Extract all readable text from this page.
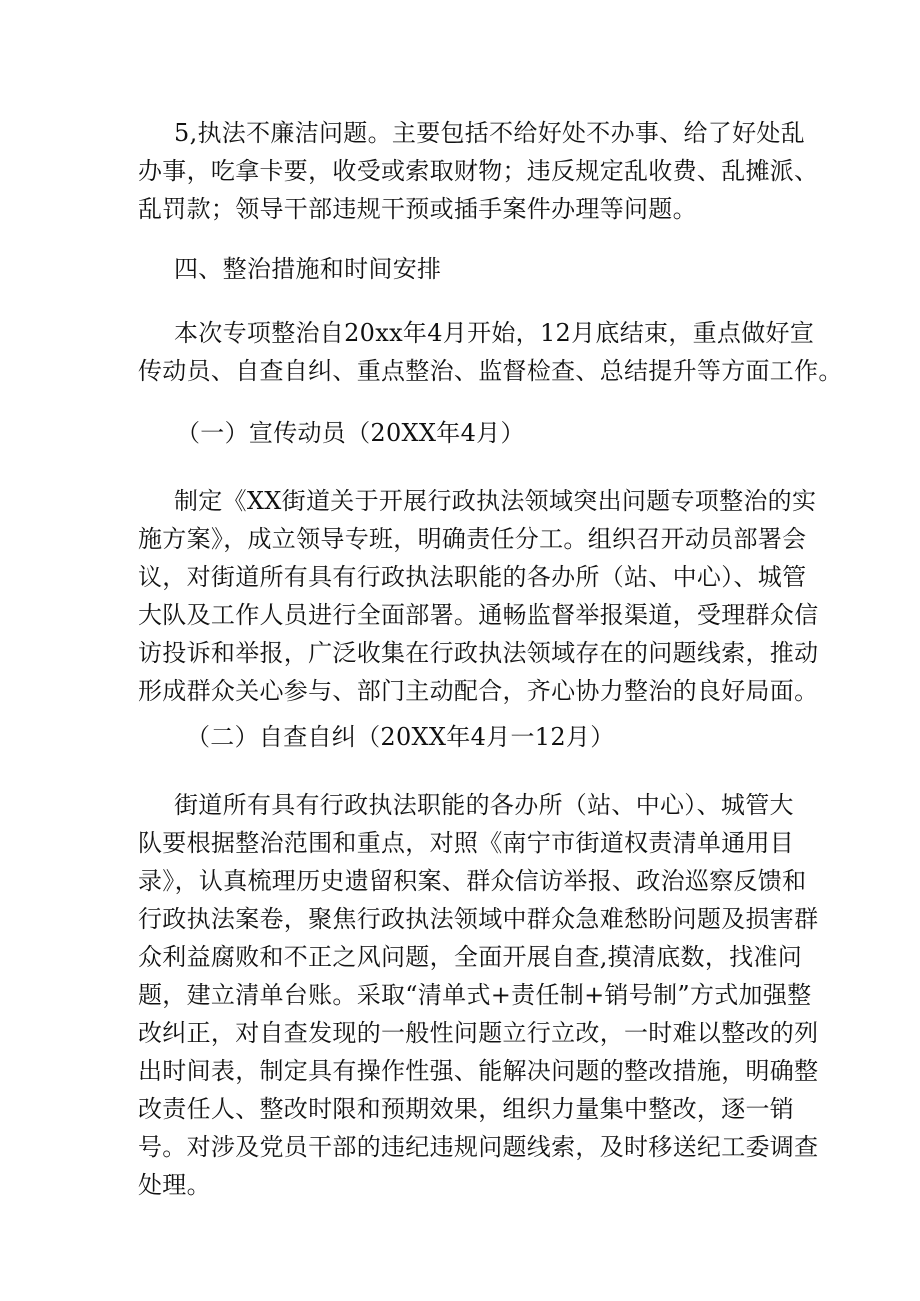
5,执法不廉洁问题。主要包括不给好处不办事、给了好处乱
办事，吃拿卡要，收受或索取财物；违反规定乱收费、乱摊派、
乱罚款；领导干部违规干预或插手案件办理等问题。

四、整治措施和时间安排

本次专项整治自20xx年4月开始，12月底结束，重点做好宣
传动员、自查自纠、重点整治、监督检查、总结提升等方面工作。

（一）宣传动员（20XX年4月）

制定《XX街道关于开展行政执法领域突出问题专项整治的实
施方案》，成立领导专班，明确责任分工。组织召开动员部署会
议，对街道所有具有行政执法职能的各办所（站、中心）、城管
大队及工作人员进行全面部署。通畅监督举报渠道，受理群众信
访投诉和举报，广泛收集在行政执法领域存在的问题线索，推动
形成群众关心参与、部门主动配合，齐心协力整治的良好局面。

（二）自查自纠（20XX年4月一12月）

街道所有具有行政执法职能的各办所（站、中心）、城管大
队要根据整治范围和重点，对照《南宁市街道权责清单通用目
录》，认真梳理历史遗留积案、群众信访举报、政治巡察反馈和
行政执法案卷，聚焦行政执法领域中群众急难愁盼问题及损害群
众利益腐败和不正之风问题，全面开展自查,摸清底数，找准问
题，建立清单台账。采取“清单式+责任制+销号制”方式加强整
改纠正，对自查发现的一般性问题立行立改，一时难以整改的列
出时间表，制定具有操作性强、能解决问题的整改措施，明确整
改责任人、整改时限和预期效果，组织力量集中整改，逐一销
号。对涉及党员干部的违纪违规问题线索，及时移送纪工委调查
处理。
